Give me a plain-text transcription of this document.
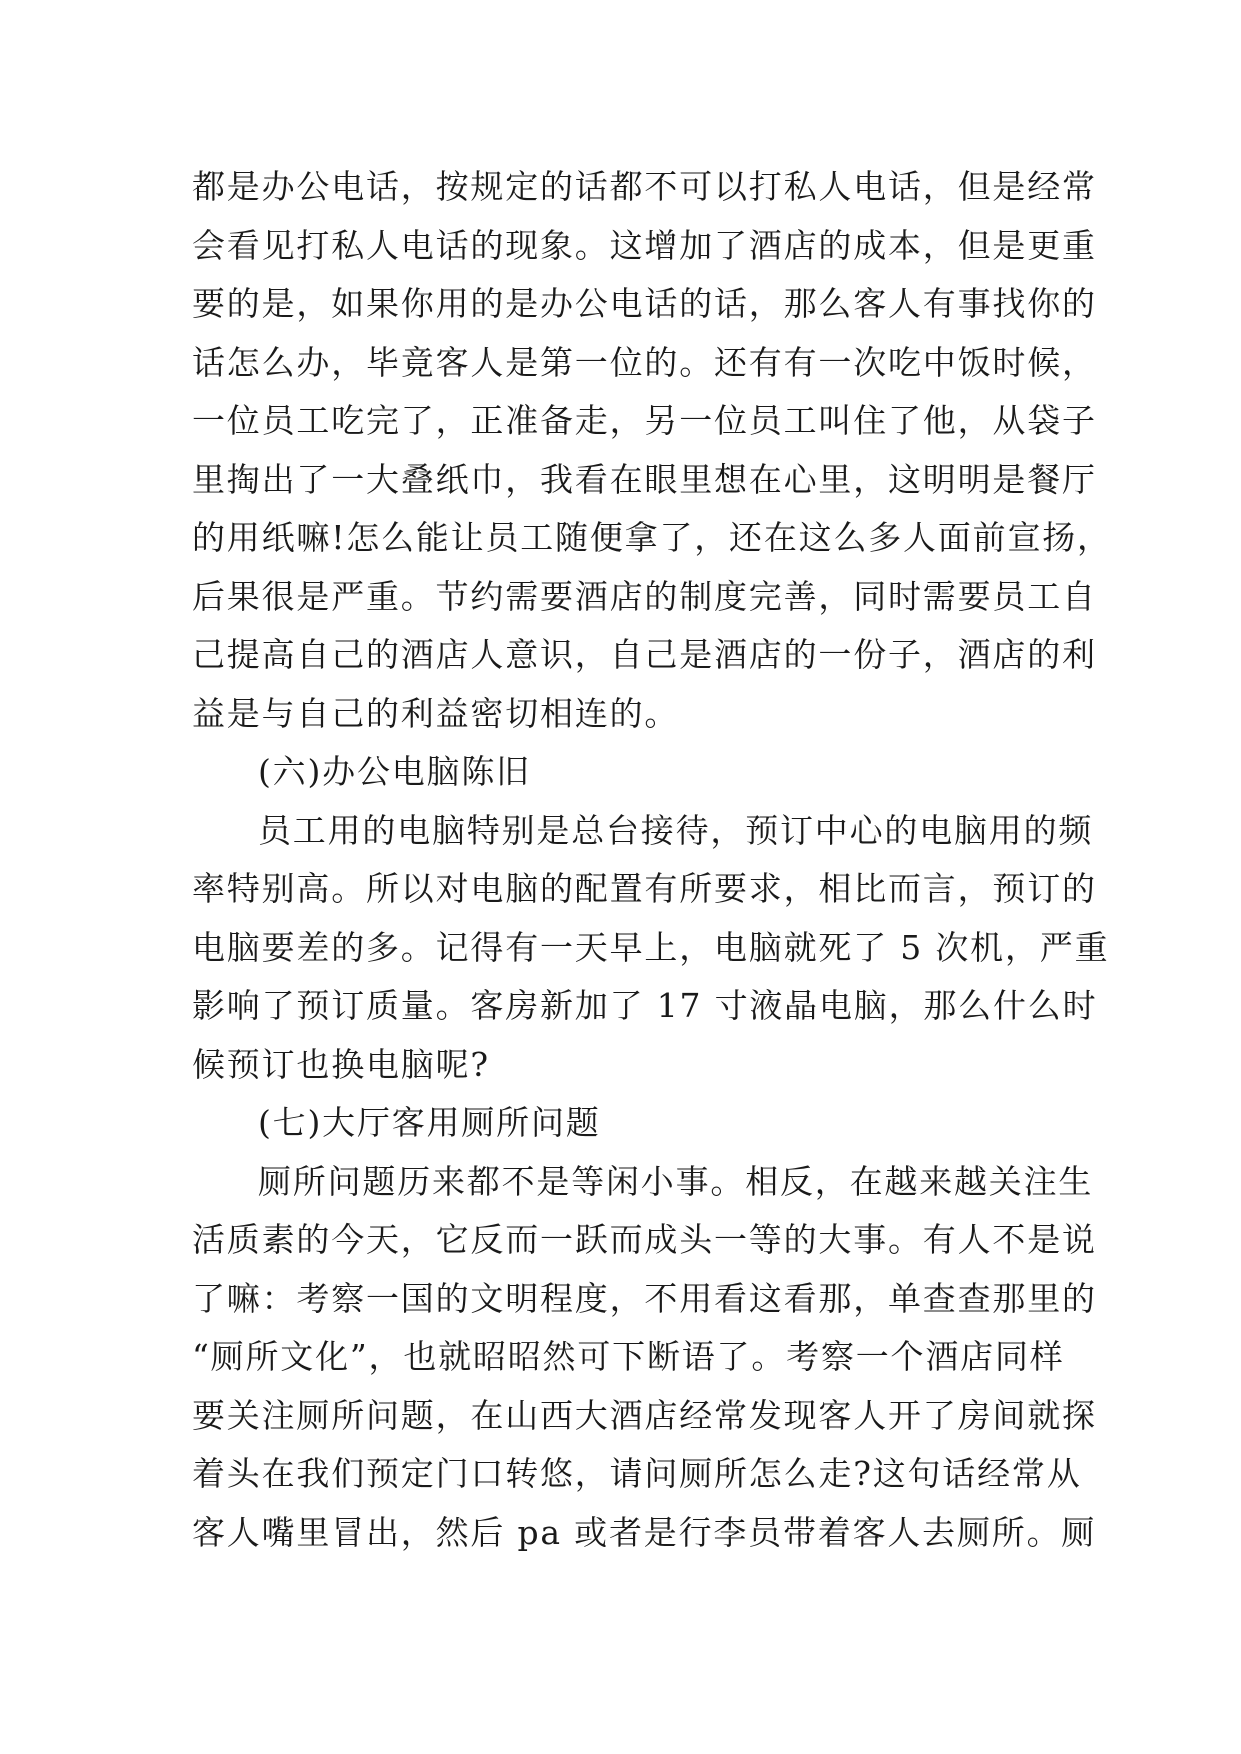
都是办公电话，按规定的话都不可以打私人电话，但是经常
会看见打私人电话的现象。这增加了酒店的成本，但是更重
要的是，如果你用的是办公电话的话，那么客人有事找你的
话怎么办，毕竟客人是第一位的。还有有一次吃中饭时候，
一位员工吃完了，正准备走，另一位员工叫住了他，从袋子
里掏出了一大叠纸巾，我看在眼里想在心里，这明明是餐厅
的用纸嘛!怎么能让员工随便拿了，还在这么多人面前宣扬，
后果很是严重。节约需要酒店的制度完善，同时需要员工自
己提高自己的酒店人意识，自己是酒店的一份子，酒店的利
益是与自己的利益密切相连的。
(六)办公电脑陈旧
员工用的电脑特别是总台接待，预订中心的电脑用的频
率特别高。所以对电脑的配置有所要求，相比而言，预订的
电脑要差的多。记得有一天早上，电脑就死了 5 次机，严重
影响了预订质量。客房新加了 17 寸液晶电脑，那么什么时
候预订也换电脑呢?
(七)大厅客用厕所问题
厕所问题历来都不是等闲小事。相反，在越来越关注生
活质素的今天，它反而一跃而成头一等的大事。有人不是说
了嘛：考察一国的文明程度，不用看这看那，单查查那里的
“厕所文化”，也就昭昭然可下断语了。考察一个酒店同样
要关注厕所问题，在山西大酒店经常发现客人开了房间就探
着头在我们预定门口转悠，请问厕所怎么走?这句话经常从
客人嘴里冒出，然后 pa 或者是行李员带着客人去厕所。厕
